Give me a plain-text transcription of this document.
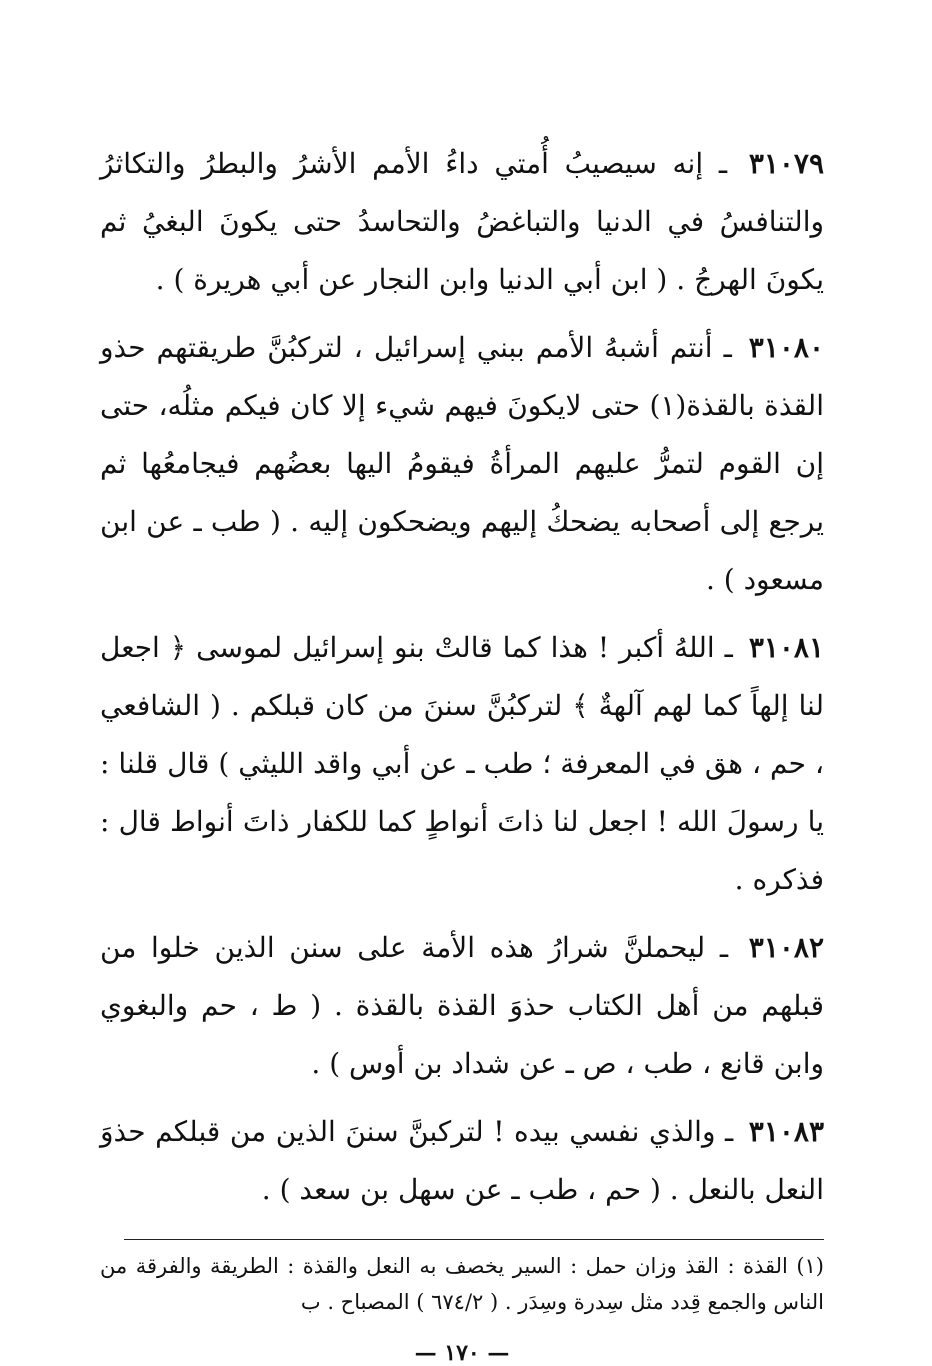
٣١٠٧٩ ـ إنه سيصيبُ أُمتي داءُ الأمم الأشرُ والبطرُ والتكاثرُ والتنافسُ في الدنيا والتباغضُ والتحاسدُ حتى يكونَ البغيُ ثم يكونَ الهرجُ . ( ابن أبي الدنيا وابن النجار عن أبي هريرة ) .

٣١٠٨٠ ـ أنتم أشبهُ الأمم ببني إسرائيل ، لتركبُنَّ طريقتهم حذو القذة بالقذة(١) حتى لايكونَ فيهم شيء إلا كان فيكم مثلُه، حتى إن القوم لتمرُّ عليهم المرأةُ فيقومُ اليها بعضُهم فيجامعُها ثم يرجع إلى أصحابه يضحكُ إليهم ويضحكون إليه . ( طب ـ عن ابن مسعود ) .

٣١٠٨١ ـ اللهُ أكبر ! هذا كما قالتْ بنو إسرائيل لموسى ﴿ اجعل لنا إلهاً كما لهم آلهةٌ ﴾ لتركبُنَّ سننَ من كان قبلكم . ( الشافعي ، حم ، هق في المعرفة ؛ طب ـ عن أبي واقد الليثي ) قال قلنا : يا رسولَ الله ! اجعل لنا ذاتَ أنواطٍ كما للكفار ذاتَ أنواط قال : فذكره .

٣١٠٨٢ ـ ليحملنَّ شرارُ هذه الأمة على سنن الذين خلوا من قبلهم من أهل الكتاب حذوَ القذة بالقذة . ( ط ، حم والبغوي وابن قانع ، طب ، ص ـ عن شداد بن أوس ) .

٣١٠٨٣ ـ والذي نفسي بيده ! لتركبنَّ سننَ الذين من قبلكم حذوَ النعل بالنعل . ( حم ، طب ـ عن سهل بن سعد ) .

(١) القذة : القذ وزان حمل : السير يخصف به النعل والقذة : الطريقة والفرقة من الناس والجمع قِدد مثل سِدرة وسِدَر . ( ٦٧٤/٢ ) المصباح . ب

— ١٧٠ —
